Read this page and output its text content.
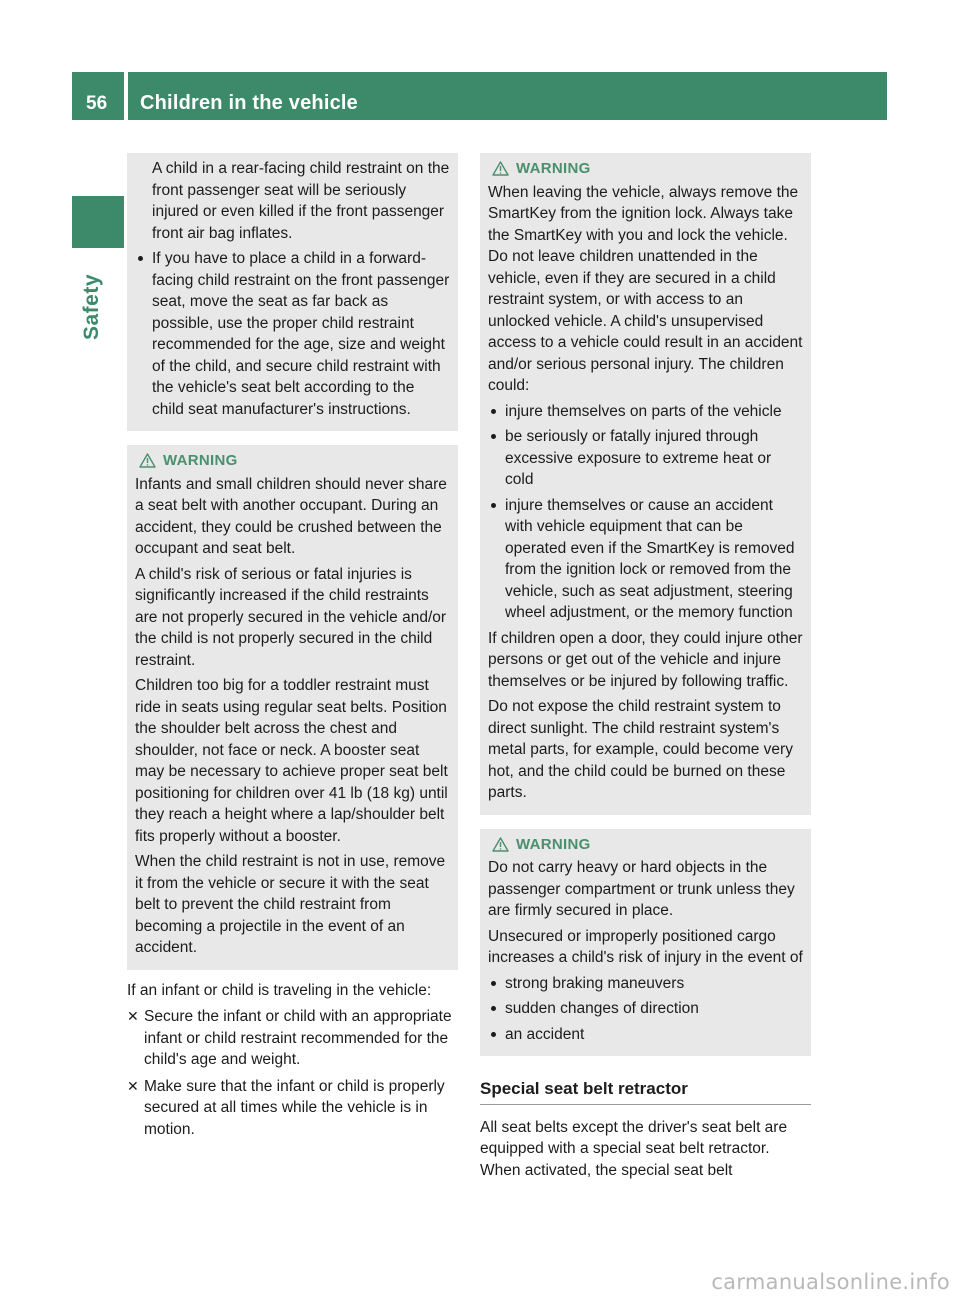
56 Children in the vehicle
Safety

A child in a rear-facing child restraint on the front passenger seat will be seriously injured or even killed if the front passenger front air bag inflates.

If you have to place a child in a forward-facing child restraint on the front passenger seat, move the seat as far back as possible, use the proper child restraint recommended for the age, size and weight of the child, and secure child restraint with the vehicle's seat belt according to the child seat manufacturer's instructions.
WARNING

Infants and small children should never share a seat belt with another occupant. During an accident, they could be crushed between the occupant and seat belt.

A child's risk of serious or fatal injuries is significantly increased if the child restraints are not properly secured in the vehicle and/or the child is not properly secured in the child restraint.

Children too big for a toddler restraint must ride in seats using regular seat belts. Position the shoulder belt across the chest and shoulder, not face or neck. A booster seat may be necessary to achieve proper seat belt positioning for children over 41 lb (18 kg) until they reach a height where a lap/shoulder belt fits properly without a booster.

When the child restraint is not in use, remove it from the vehicle or secure it with the seat belt to prevent the child restraint from becoming a projectile in the event of an accident.

If an infant or child is traveling in the vehicle:

✕ Secure the infant or child with an appropriate infant or child restraint recommended for the child's age and weight.
✕ Make sure that the infant or child is properly secured at all times while the vehicle is in motion.
WARNING

When leaving the vehicle, always remove the SmartKey from the ignition lock. Always take the SmartKey with you and lock the vehicle. Do not leave children unattended in the vehicle, even if they are secured in a child restraint system, or with access to an unlocked vehicle. A child's unsupervised access to a vehicle could result in an accident and/or serious personal injury. The children could:

injure themselves on parts of the vehicle
be seriously or fatally injured through excessive exposure to extreme heat or cold
injure themselves or cause an accident with vehicle equipment that can be operated even if the SmartKey is removed from the ignition lock or removed from the vehicle, such as seat adjustment, steering wheel adjustment, or the memory function

If children open a door, they could injure other persons or get out of the vehicle and injure themselves or be injured by following traffic.

Do not expose the child restraint system to direct sunlight. The child restraint system's metal parts, for example, could become very hot, and the child could be burned on these parts.

WARNING

Do not carry heavy or hard objects in the passenger compartment or trunk unless they are firmly secured in place.

Unsecured or improperly positioned cargo increases a child's risk of injury in the event of

strong braking maneuvers
sudden changes of direction
an accident
Special seat belt retractor

All seat belts except the driver's seat belt are equipped with a special seat belt retractor. When activated, the special seat belt

carmanualsonline.info
